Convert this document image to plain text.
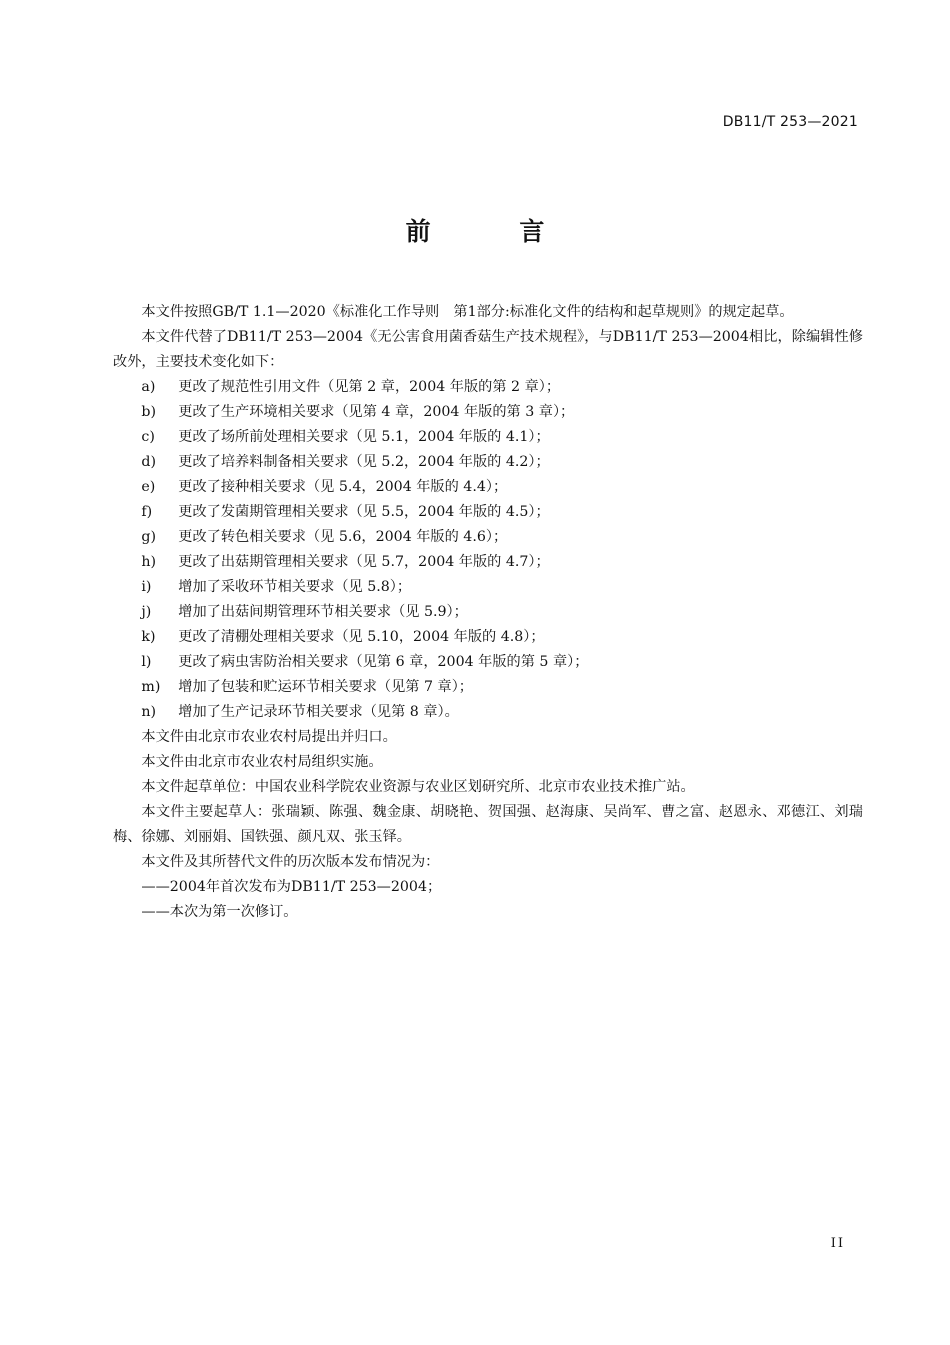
DB11/T 253—2021
前 言

本文件按照GB/T 1.1—2020《标准化工作导则　第1部分:标准化文件的结构和起草规则》的规定起草。

本文件代替了DB11/T 253—2004《无公害食用菌香菇生产技术规程》，与DB11/T 253—2004相比，除编辑性修改外，主要技术变化如下：

a)	更改了规范性引用文件（见第 2 章，2004 年版的第 2 章）；
b)	更改了生产环境相关要求（见第 4 章，2004 年版的第 3 章）；
c)	更改了场所前处理相关要求（见 5.1，2004 年版的 4.1）；
d)	更改了培养料制备相关要求（见 5.2，2004 年版的 4.2）；
e)	更改了接种相关要求（见 5.4，2004 年版的 4.4）；
f)	更改了发菌期管理相关要求（见 5.5，2004 年版的 4.5）；
g)	更改了转色相关要求（见 5.6，2004 年版的 4.6）；
h)	更改了出菇期管理相关要求（见 5.7，2004 年版的 4.7）；
i)	增加了采收环节相关要求（见 5.8）；
j)	增加了出菇间期管理环节相关要求（见 5.9）；
k)	更改了清棚处理相关要求（见 5.10，2004 年版的 4.8）；
l)	更改了病虫害防治相关要求（见第 6 章，2004 年版的第 5 章）；
m)	增加了包装和贮运环节相关要求（见第 7 章）；
n)	增加了生产记录环节相关要求（见第 8 章）。

本文件由北京市农业农村局提出并归口。

本文件由北京市农业农村局组织实施。

本文件起草单位：中国农业科学院农业资源与农业区划研究所、北京市农业技术推广站。

本文件主要起草人：张瑞颖、陈强、魏金康、胡晓艳、贺国强、赵海康、吴尚军、曹之富、赵恩永、邓德江、刘瑞梅、徐娜、刘丽娟、国铁强、颜凡双、张玉铎。

本文件及其所替代文件的历次版本发布情况为：

——2004年首次发布为DB11/T 253—2004；

——本次为第一次修订。

II
